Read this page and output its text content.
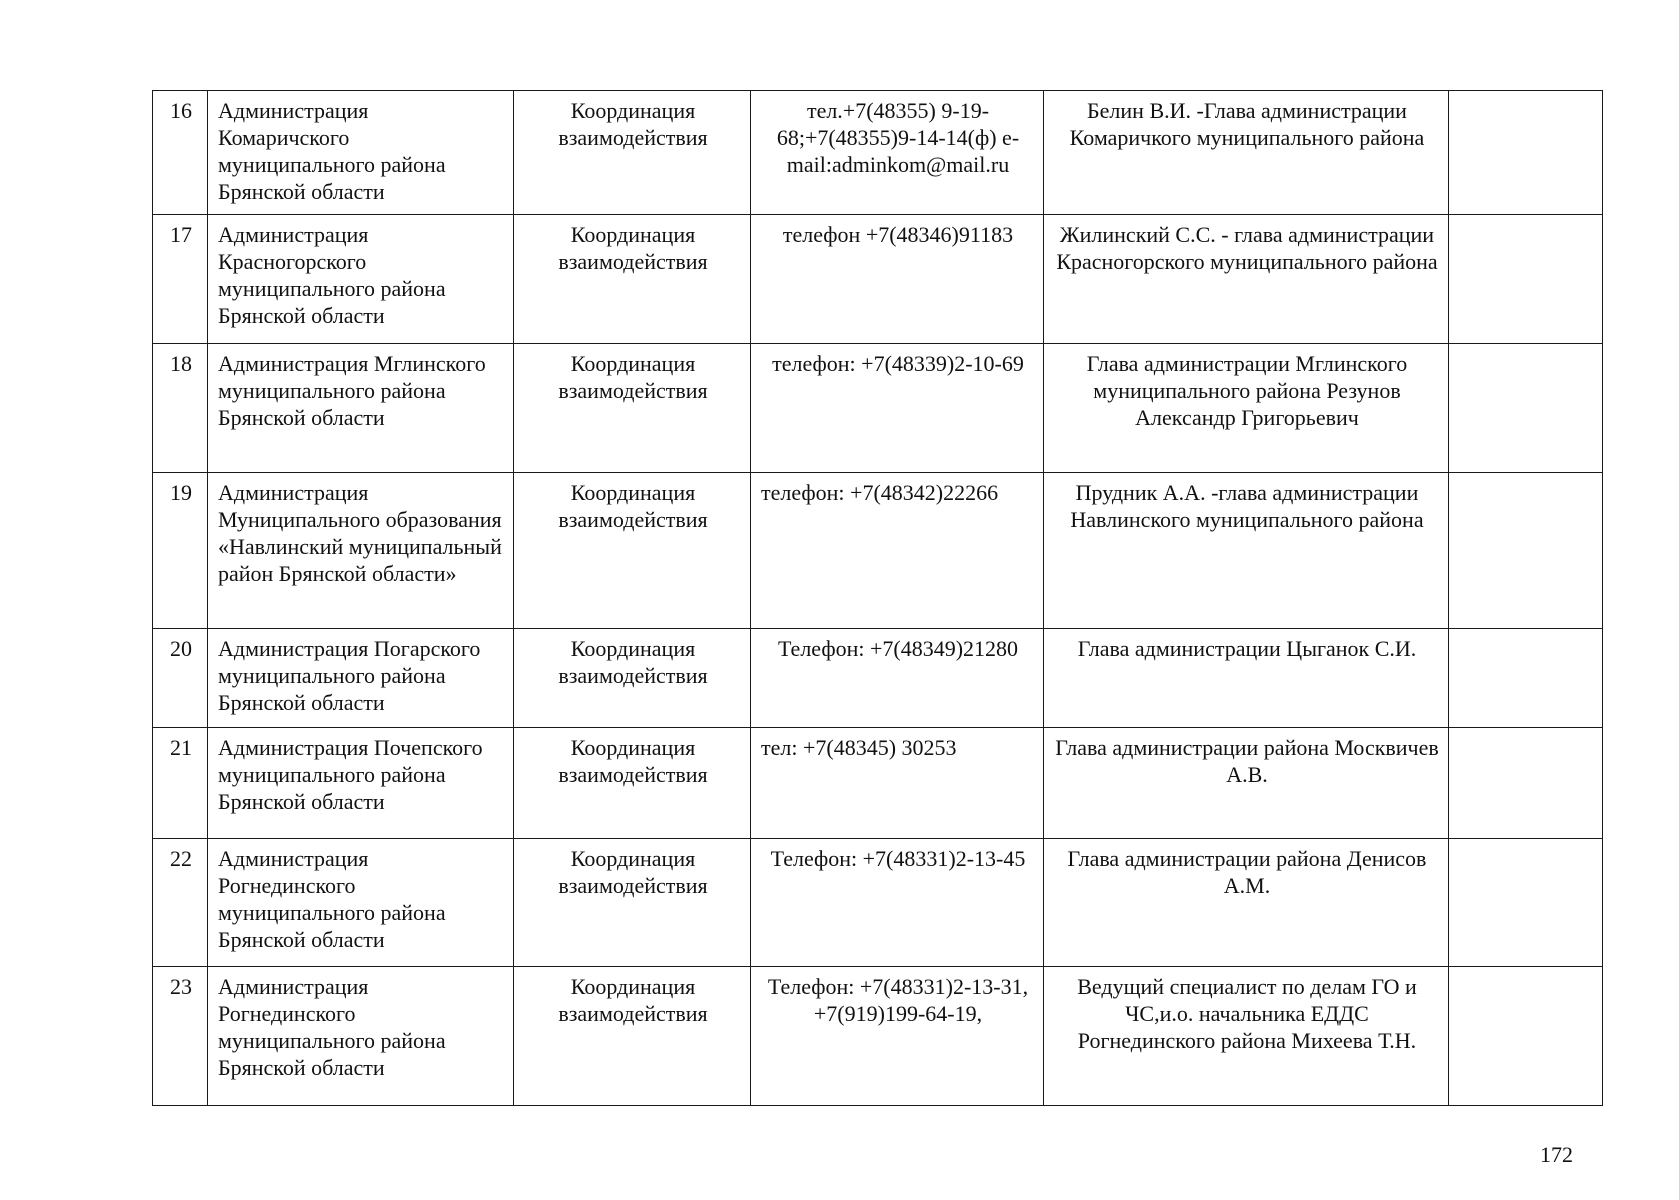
16	Администрация Комаричского муниципального района Брянской области	Координация взаимодействия	тел.+7(48355) 9-19-68;+7(48355)9-14-14(ф) e-mail:adminkom@mail.ru	Белин В.И. -Глава администрации Комаричкого муниципального района	
17	Администрация Красногорского муниципального района Брянской области	Координация взаимодействия	телефон +7(48346)91183	Жилинский С.С. - глава администрации Красногорского муниципального района	
18	Администрация Мглинского муниципального района Брянской области	Координация взаимодействия	телефон: +7(48339)2-10-69	Глава администрации Мглинского муниципального района Резунов Александр Григорьевич	
19	Администрация Муниципального образования «Навлинский муниципальный район Брянской области»	Координация взаимодействия	телефон: +7(48342)22266	Прудник А.А. -глава администрации Навлинского муниципального района	
20	Администрация Погарского муниципального района Брянской области	Координация взаимодействия	Телефон: +7(48349)21280	Глава администрации Цыганок С.И.	
21	Администрация Почепского муниципального района Брянской области	Координация взаимодействия	тел: +7(48345) 30253	Глава администрации района Москвичев А.В.	
22	Администрация Рогнединского муниципального района Брянской области	Координация взаимодействия	Телефон: +7(48331)2-13-45	Глава администрации района Денисов А.М.	
23	Администрация Рогнединского муниципального района Брянской области	Координация взаимодействия	Телефон: +7(48331)2-13-31, +7(919)199-64-19,	Ведущий специалист по делам ГО и ЧС,и.о. начальника ЕДДС Рогнединского района Михеева Т.Н.	
172
